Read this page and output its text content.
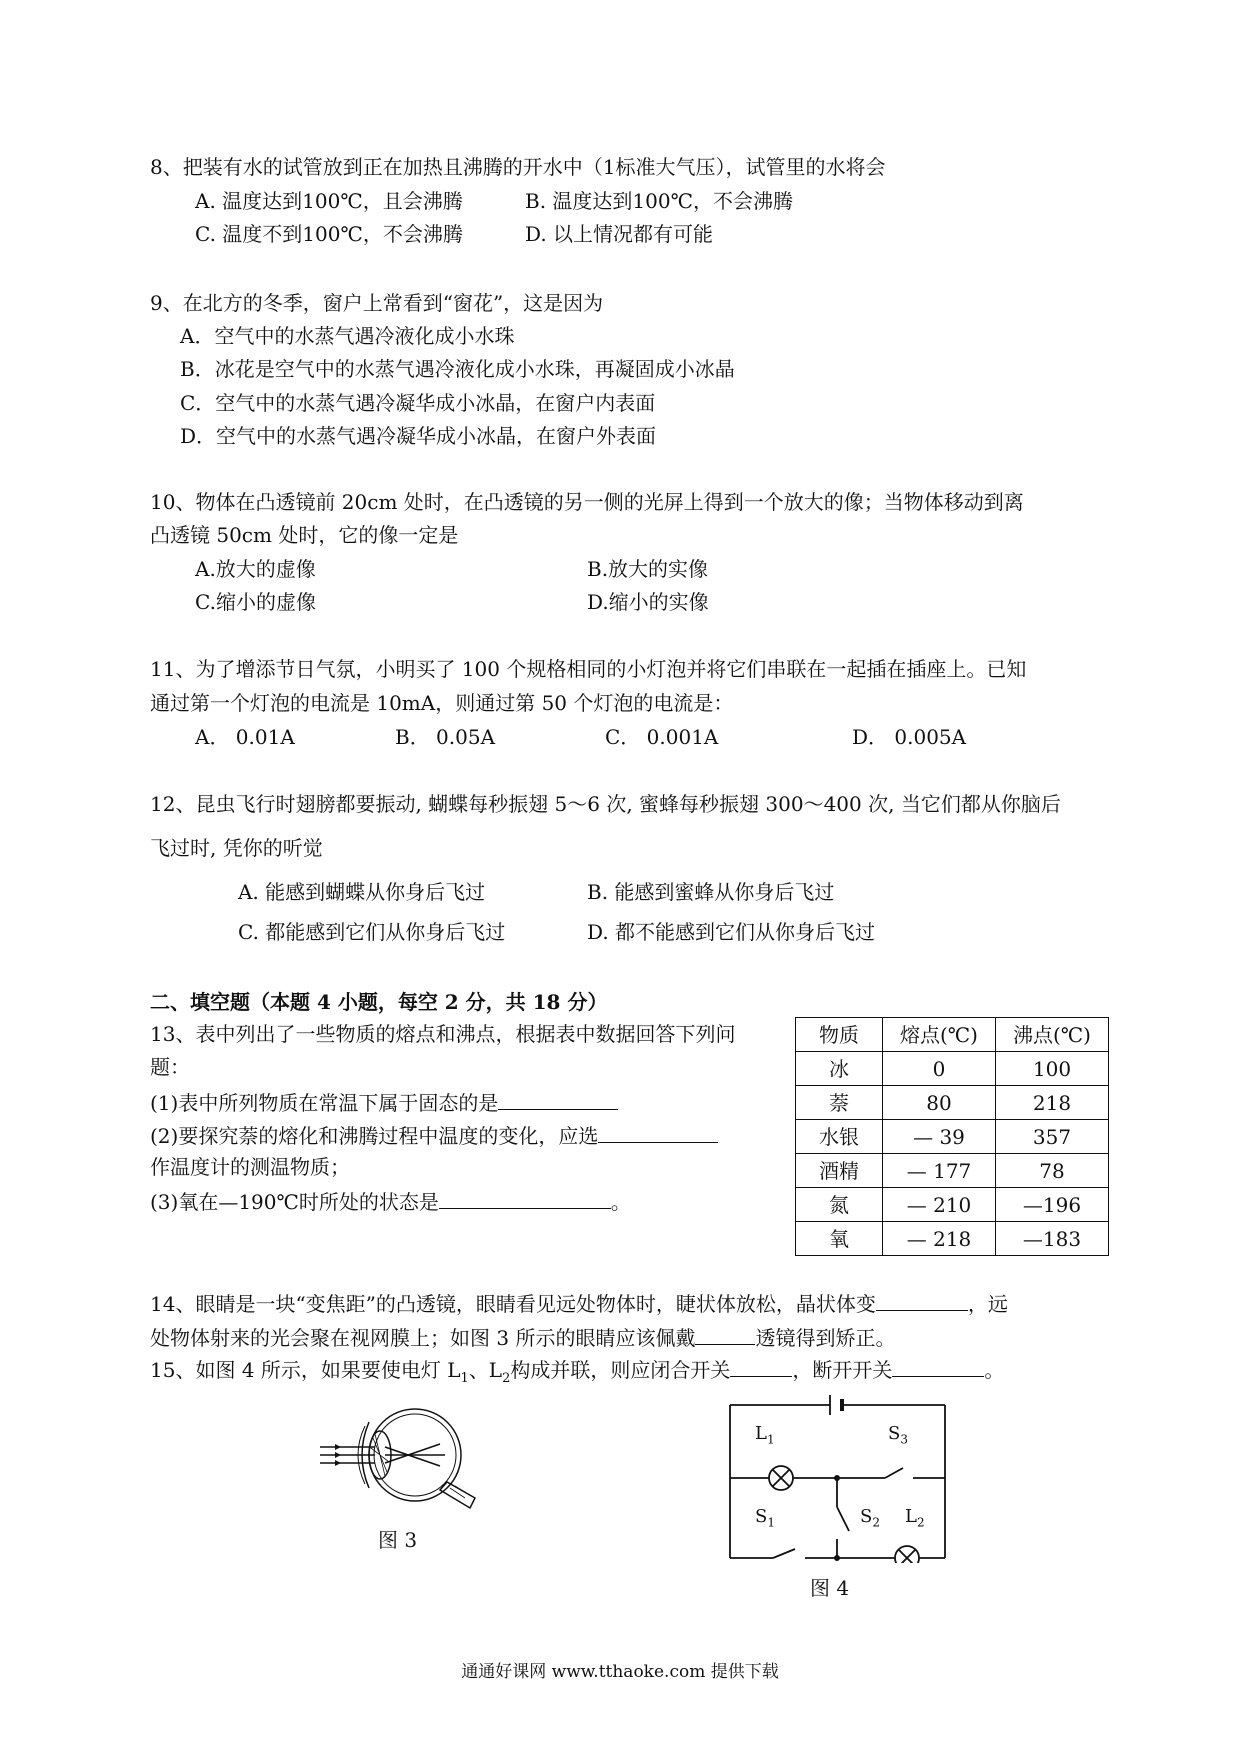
8、把装有水的试管放到正在加热且沸腾的开水中（1标准大气压），试管里的水将会
A. 温度达到100℃，且会沸腾	B. 温度达到100℃，不会沸腾
C. 温度不到100℃，不会沸腾	D. 以上情况都有可能
9、在北方的冬季，窗户上常看到“窗花”，这是因为
A．空气中的水蒸气遇冷液化成小水珠
B．冰花是空气中的水蒸气遇冷液化成小水珠，再凝固成小冰晶
C．空气中的水蒸气遇冷凝华成小冰晶，在窗户内表面
D．空气中的水蒸气遇冷凝华成小冰晶，在窗户外表面
10、物体在凸透镜前 20cm 处时，在凸透镜的另一侧的光屏上得到一个放大的像；当物体移动到离
凸透镜 50cm 处时，它的像一定是
A.放大的虚像	B.放大的实像
C.缩小的虚像	D.缩小的实像
11、为了增添节日气氛，小明买了 100 个规格相同的小灯泡并将它们串联在一起插在插座上。已知
通过第一个灯泡的电流是 10mA，则通过第 50 个灯泡的电流是：
A． 0.01A	B． 0.05A	C． 0.001A	D． 0.005A
12、昆虫飞行时翅膀都要振动, 蝴蝶每秒振翅 5～6 次, 蜜蜂每秒振翅 300～400 次, 当它们都从你脑后
飞过时, 凭你的听觉
A. 能感到蝴蝶从你身后飞过	B. 能感到蜜蜂从你身后飞过
C. 都能感到它们从你身后飞过	D. 都不能感到它们从你身后飞过
二、填空题（本题 4 小题，每空 2 分，共 18 分）
13、表中列出了一些物质的熔点和沸点，根据表中数据回答下列问
题：
(1)表中所列物质在常温下属于固态的是
(2)要探究萘的熔化和沸腾过程中温度的变化，应选
作温度计的测温物质；
(3)氧在—190℃时所处的状态是	。
物质	熔点(℃)	沸点(℃)
冰	0	100
萘	80	218
水银	— 39	357
酒精	— 177	78
氮	— 210	—196
氧	— 218	—183
14、眼睛是一块“变焦距”的凸透镜，眼睛看见远处物体时，睫状体放松，晶状体变	，远
处物体射来的光会聚在视网膜上；如图 3 所示的眼睛应该佩戴	透镜得到矫正。
15、如图 4 所示，如果要使电灯 $L_1$、$L_2$构成并联，则应闭合开关	，断开开关	。
图 3
$L_1$	$S_3$
$S_1$	$S_2$ $L_2$
图 4
通通好课网 www.tthaoke.com 提供下载
